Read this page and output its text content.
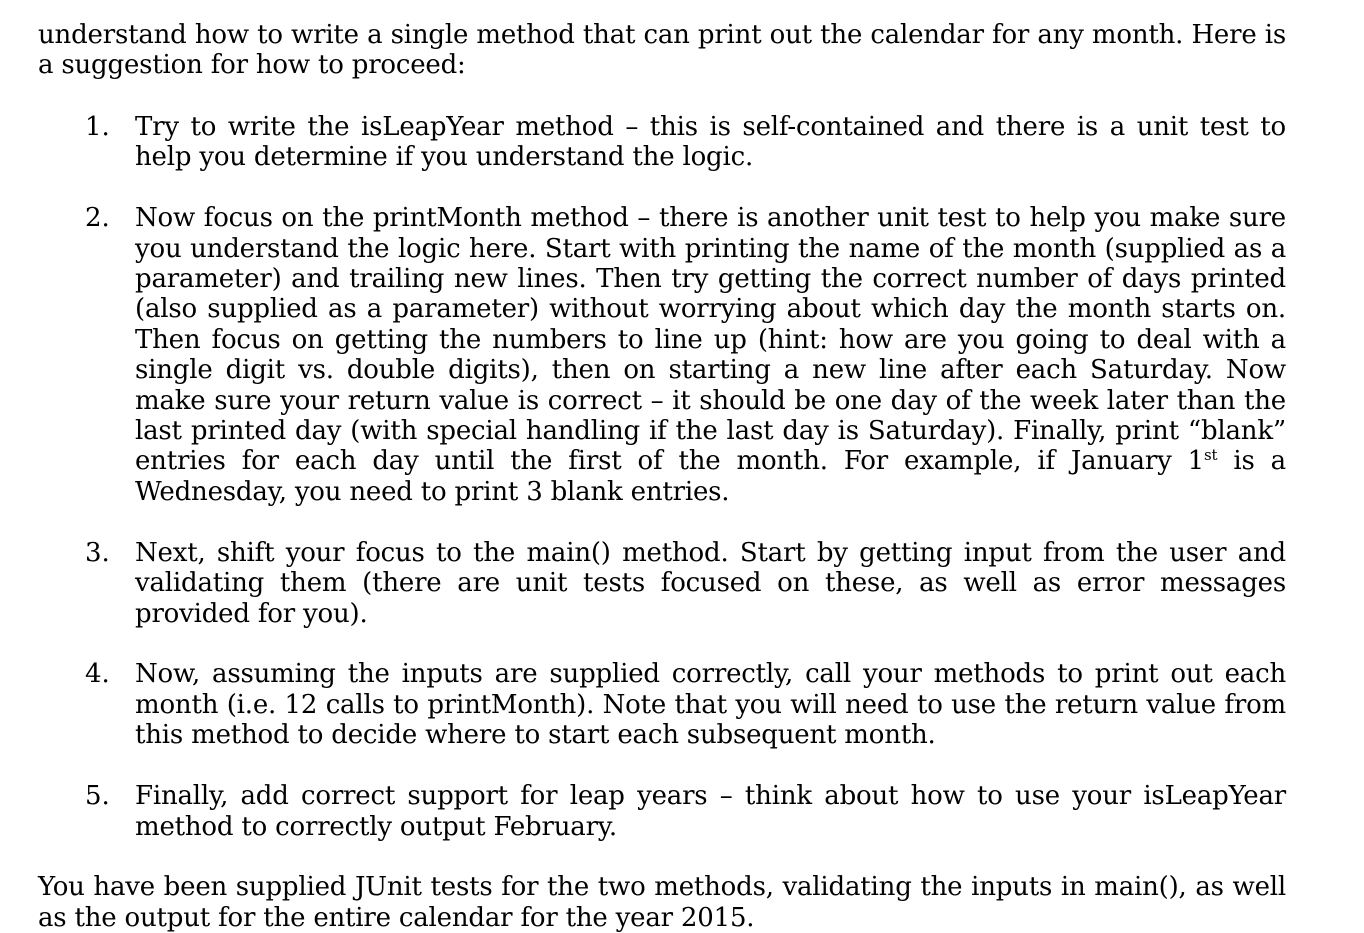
understand how to write a single method that can print out the calendar for any month. Here is a suggestion for how to proceed:

1. Try to write the isLeapYear method – this is self-contained and there is a unit test to help you determine if you understand the logic.
2. Now focus on the printMonth method – there is another unit test to help you make sure you understand the logic here. Start with printing the name of the month (supplied as a parameter) and trailing new lines. Then try getting the correct number of days printed (also supplied as a parameter) without worrying about which day the month starts on. Then focus on getting the numbers to line up (hint: how are you going to deal with a single digit vs. double digits), then on starting a new line after each Saturday. Now make sure your return value is correct – it should be one day of the week later than the last printed day (with special handling if the last day is Saturday). Finally, print “blank” entries for each day until the first of the month. For example, if January 1st is a Wednesday, you need to print 3 blank entries.
3. Next, shift your focus to the main() method. Start by getting input from the user and validating them (there are unit tests focused on these, as well as error messages provided for you).
4. Now, assuming the inputs are supplied correctly, call your methods to print out each month (i.e. 12 calls to printMonth). Note that you will need to use the return value from this method to decide where to start each subsequent month.
5. Finally, add correct support for leap years – think about how to use your isLeapYear method to correctly output February.

You have been supplied JUnit tests for the two methods, validating the inputs in main(), as well as the output for the entire calendar for the year 2015.
